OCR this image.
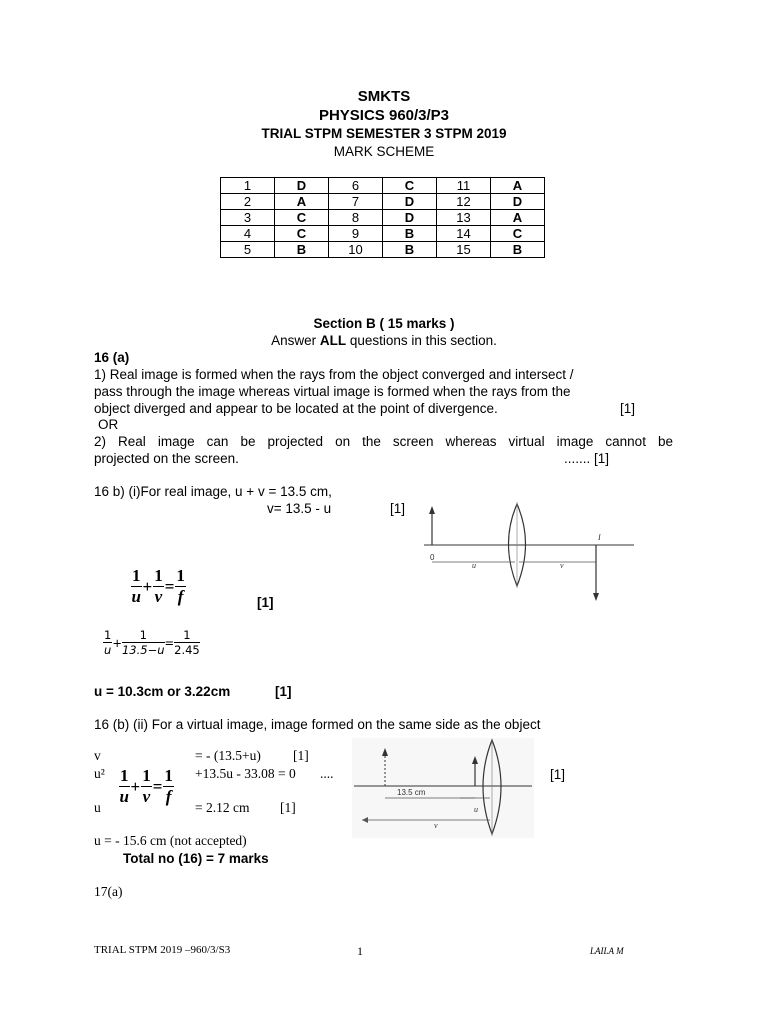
SMKTS
PHYSICS 960/3/P3
TRIAL STPM SEMESTER 3 STPM 2019
MARK SCHEME
1	D	6	C	11	A
2	A	7	D	12	D
3	C	8	D	13	A
4	C	9	B	14	C
5	B	10	B	15	B
Section B ( 15 marks )
Answer ALL questions in this section.
16 (a)
1) Real image is formed when the rays from the object converged and intersect /
pass through the image whereas virtual image is formed when the rays from the
object diverged and appear to be located at the point of divergence.	[1]
OR
2) Real image can be projected on the screen whereas virtual image cannot be
projected on the screen.	....... [1]
16 b) (i)For real image, u + v = 13.5 cm,
v= 13.5 - u	[1]
0
u	v
I
$\frac{1}{u} + \frac{1}{v} = \frac{1}{f}$	[1]
$\frac{1}{u} + \frac{1}{13.5-u} = \frac{1}{2.45}$
u = 10.3cm or 3.22cm	[1]
16 (b) (ii) For a virtual image, image formed on the same side as the object
v	= - (13.5+u) [1]
$u^2 \frac{1}{u} + \frac{1}{v} = \frac{1}{f} +13.5u - 33.08 = 0$ ....	[1]
u	= 2.12 cm [1]
13.5 cm
u
v
u = - 15.6 cm (not accepted)
Total no (16) = 7 marks
17(a)
TRIAL STPM 2019 –960/3/S3	1	LAILA M
